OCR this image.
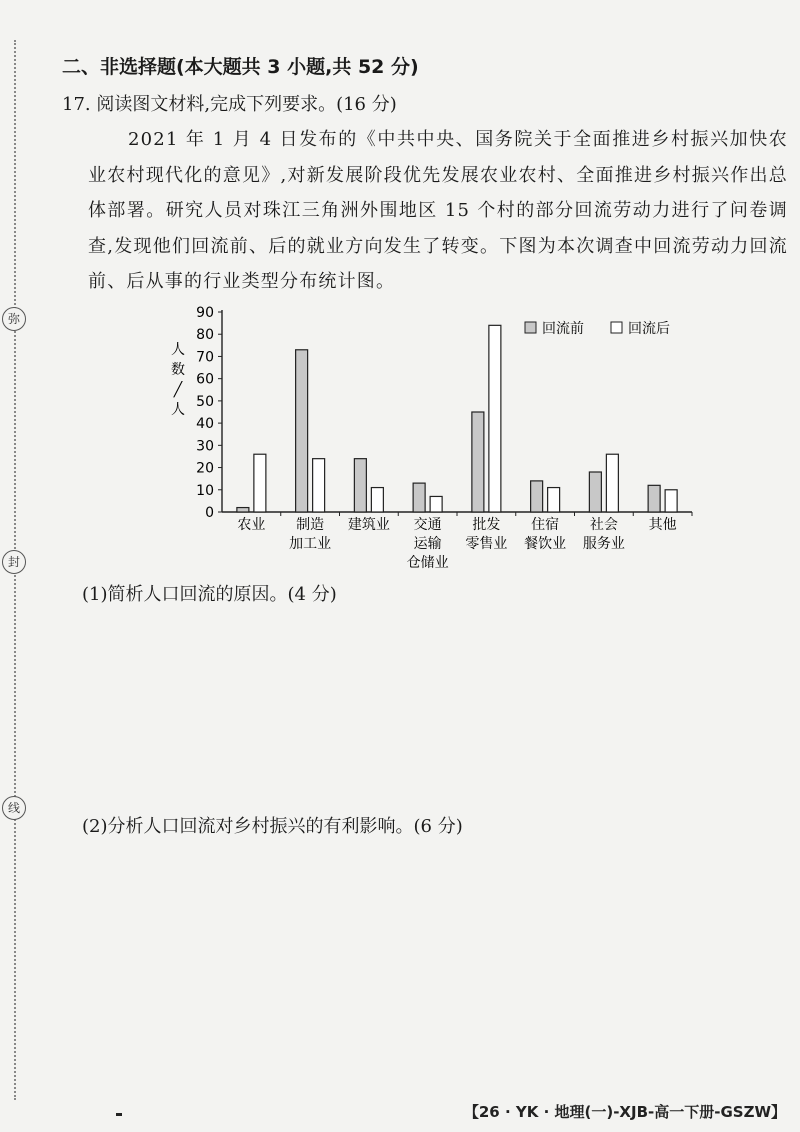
弥
封
线
二、非选择题(本大题共 3 小题,共 52 分)
17. 阅读图文材料,完成下列要求。(16 分)
2021 年 1 月 4 日发布的《中共中央、国务院关于全面推进乡村振兴加快农业农村现代化的意见》,对新发展阶段优先发展农业农村、全面推进乡村振兴作出总体部署。研究人员对珠江三角洲外围地区 15 个村的部分回流劳动力进行了问卷调查,发现他们回流前、后的就业方向发生了转变。下图为本次调查中回流劳动力回流前、后从事的行业类型分布统计图。
0
10
20
30
40
50
60
70
80
90
人
数
╱
人
农业 制造
加工业
建筑业 交通
运输
仓储业
批发
零售业
住宿
餐饮业
社会
服务业
其他
回流前	回流后
(1)简析人口回流的原因。(4 分)
(2)分析人口回流对乡村振兴的有利影响。(6 分)
【26 · YK · 地理(一)-XJB-高一下册-GSZW】
